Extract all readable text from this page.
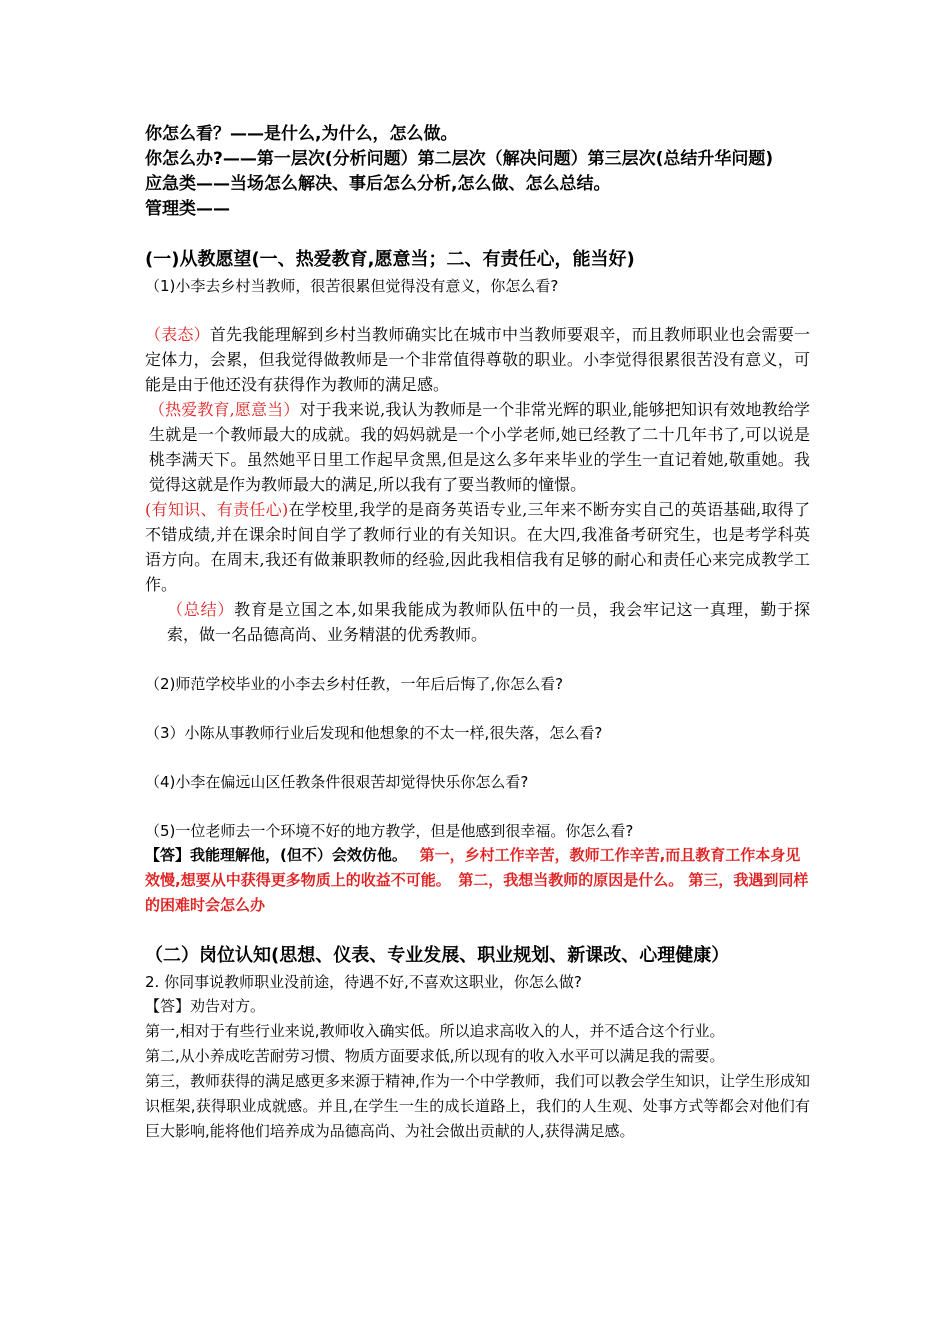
你怎么看？——是什么,为什么，怎么做。
你怎么办?——第一层次(分析问题）第二层次（解决问题）第三层次(总结升华问题)
应急类——当场怎么解决、事后怎么分析,怎么做、怎么总结。
管理类——
(一)从教愿望(一、热爱教育,愿意当；二、有责任心，能当好)
（1)小李去乡村当教师，很苦很累但觉得没有意义，你怎么看?
（表态）首先我能理解到乡村当教师确实比在城市中当教师要艰辛，而且教师职业也会需要一定体力，会累，但我觉得做教师是一个非常值得尊敬的职业。小李觉得很累很苦没有意义，可能是由于他还没有获得作为教师的满足感。
（热爱教育,愿意当）对于我来说,我认为教师是一个非常光辉的职业,能够把知识有效地教给学生就是一个教师最大的成就。我的妈妈就是一个小学老师,她已经教了二十几年书了,可以说是桃李满天下。虽然她平日里工作起早贪黑,但是这么多年来毕业的学生一直记着她,敬重她。我觉得这就是作为教师最大的满足,所以我有了要当教师的憧憬。
(有知识、有责任心)在学校里,我学的是商务英语专业,三年来不断夯实自己的英语基础,取得了不错成绩,并在课余时间自学了教师行业的有关知识。在大四,我准备考研究生，也是考学科英语方向。在周末,我还有做兼职教师的经验,因此我相信我有足够的耐心和责任心来完成教学工作。
（总结）教育是立国之本,如果我能成为教师队伍中的一员，我会牢记这一真理，勤于探索，做一名品德高尚、业务精湛的优秀教师。
（2)师范学校毕业的小李去乡村任教，一年后后悔了,你怎么看?
（3）小陈从事教师行业后发现和他想象的不太一样,很失落，怎么看?
（4)小李在偏远山区任教条件很艰苦却觉得快乐你怎么看?
（5)一位老师去一个环境不好的地方教学，但是他感到很幸福。你怎么看?
【答】我能理解他，(但不）会效仿他。　 第一，乡村工作辛苦，教师工作辛苦,而且教育工作本身见效慢,想要从中获得更多物质上的收益不可能。　第二，我想当教师的原因是什么。 第三，我遇到同样的困难时会怎么办
（二）岗位认知(思想、仪表、专业发展、职业规划、新课改、心理健康）
2. 你同事说教师职业没前途，待遇不好,不喜欢这职业，你怎么做?
【答】劝告对方。
第一,相对于有些行业来说,教师收入确实低。所以追求高收入的人，并不适合这个行业。
第二,从小养成吃苦耐劳习惯、物质方面要求低,所以现有的收入水平可以满足我的需要。
第三，教师获得的满足感更多来源于精神,作为一个中学教师，我们可以教会学生知识，让学生形成知识框架,获得职业成就感。并且,在学生一生的成长道路上，我们的人生观、处事方式等都会对他们有巨大影响,能将他们培养成为品德高尚、为社会做出贡献的人,获得满足感。
